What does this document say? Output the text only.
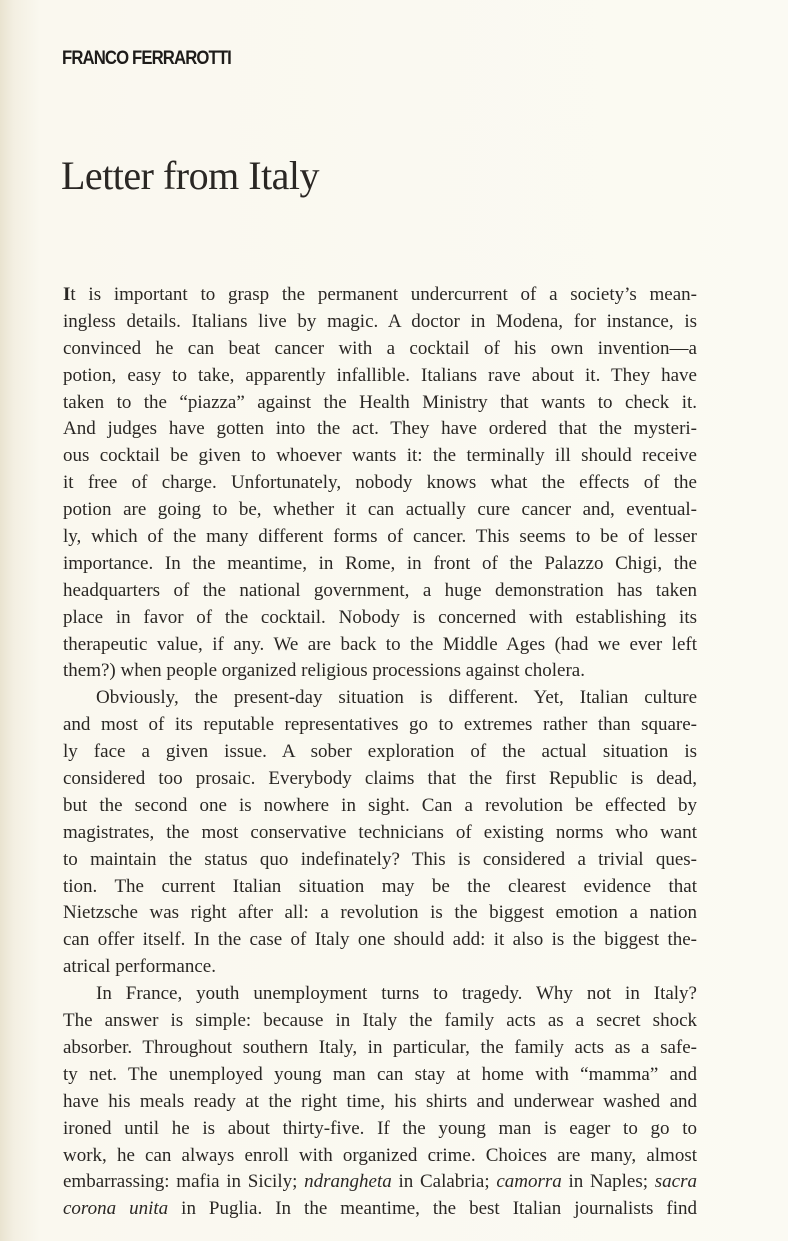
FRANCO FERRAROTTI
Letter from Italy
It is important to grasp the permanent undercurrent of a society’s mean-
ingless details. Italians live by magic. A doctor in Modena, for instance, is
convinced he can beat cancer with a cocktail of his own invention—a
potion, easy to take, apparently infallible. Italians rave about it. They have
taken to the “piazza” against the Health Ministry that wants to check it.
And judges have gotten into the act. They have ordered that the mysteri-
ous cocktail be given to whoever wants it: the terminally ill should receive
it free of charge. Unfortunately, nobody knows what the effects of the
potion are going to be, whether it can actually cure cancer and, eventual-
ly, which of the many different forms of cancer. This seems to be of lesser
importance. In the meantime, in Rome, in front of the Palazzo Chigi, the
headquarters of the national government, a huge demonstration has taken
place in favor of the cocktail. Nobody is concerned with establishing its
therapeutic value, if any. We are back to the Middle Ages (had we ever left
them?) when people organized religious processions against cholera.
Obviously, the present-day situation is different. Yet, Italian culture
and most of its reputable representatives go to extremes rather than square-
ly face a given issue. A sober exploration of the actual situation is
considered too prosaic. Everybody claims that the first Republic is dead,
but the second one is nowhere in sight. Can a revolution be effected by
magistrates, the most conservative technicians of existing norms who want
to maintain the status quo indefinately? This is considered a trivial ques-
tion. The current Italian situation may be the clearest evidence that
Nietzsche was right after all: a revolution is the biggest emotion a nation
can offer itself. In the case of Italy one should add: it also is the biggest the-
atrical performance.
In France, youth unemployment turns to tragedy. Why not in Italy?
The answer is simple: because in Italy the family acts as a secret shock
absorber. Throughout southern Italy, in particular, the family acts as a safe-
ty net. The unemployed young man can stay at home with “mamma” and
have his meals ready at the right time, his shirts and underwear washed and
ironed until he is about thirty-five. If the young man is eager to go to
work, he can always enroll with organized crime. Choices are many, almost
embarrassing: mafia in Sicily; ndrangheta in Calabria; camorra in Naples; sacra
corona unita in Puglia. In the meantime, the best Italian journalists find
